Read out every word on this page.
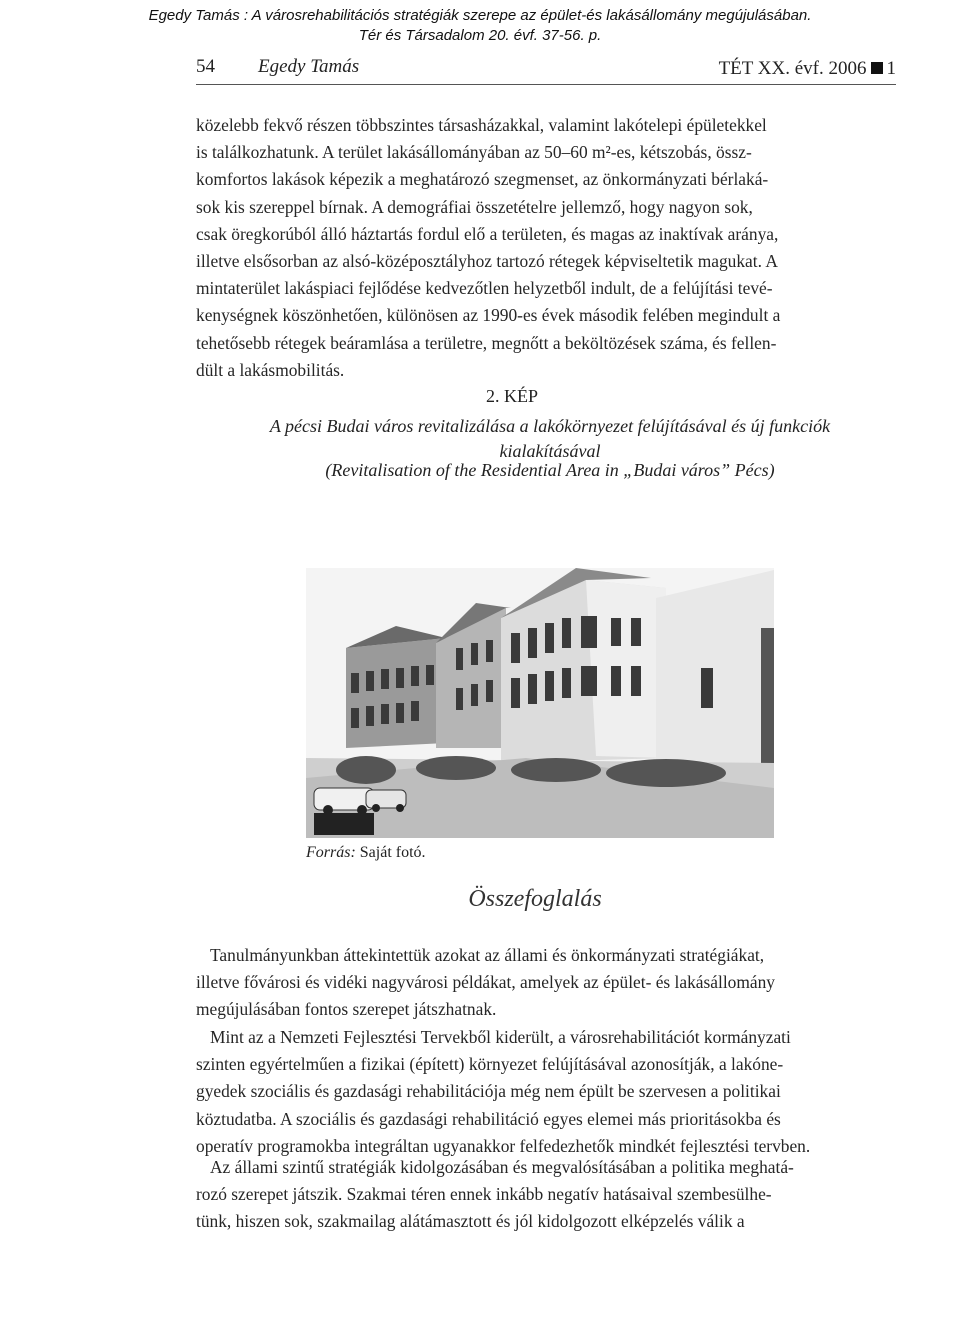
Egedy Tamás : A városrehabilitációs stratégiák szerepe az épület-és lakásállomány megújulásában.
Tér és Társadalom 20. évf. 37-56. p.
54 Egedy Tamás	TÉT XX. évf. 2006 1
közelebb fekvő részen többszintes társasházakkal, valamint lakótelepi épületekkel
is találkozhatunk. A terület lakásállományában az 50–60 m²-es, kétszobás, össz-
komfortos lakások képezik a meghatározó szegmenset, az önkormányzati bérlaká-
sok kis szereppel bírnak. A demográfiai összetételre jellemző, hogy nagyon sok,
csak öregkorúból álló háztartás fordul elő a területen, és magas az inaktívak aránya,
illetve elsősorban az alsó-középosztályhoz tartozó rétegek képviseltetik magukat. A
mintaterület lakáspiaci fejlődése kedvezőtlen helyzetből indult, de a felújítási tevé-
kenységnek köszönhetően, különösen az 1990-es évek második felében megindult a
tehetősebb rétegek beáramlása a területre, megnőtt a beköltözések száma, és fellen-
dült a lakásmobilitás.
2. KÉP
A pécsi Budai város revitalizálása a lakókörnyezet felújításával és új funkciók
kialakításával
(Revitalisation of the Residential Area in „Budai város” Pécs)
Forrás: Saját fotó.
Összefoglalás
Tanulmányunkban áttekintettük azokat az állami és önkormányzati stratégiákat,
illetve fővárosi és vidéki nagyvárosi példákat, amelyek az épület- és lakásállomány
megújulásában fontos szerepet játszhatnak.
Mint az a Nemzeti Fejlesztési Tervekből kiderült, a városrehabilitációt kormányzati
szinten egyértelműen a fizikai (épített) környezet felújításával azonosítják, a lakóne-
gyedek szociális és gazdasági rehabilitációja még nem épült be szervesen a politikai
köztudatba. A szociális és gazdasági rehabilitáció egyes elemei más prioritásokba és
operatív programokba integráltan ugyanakkor felfedezhetők mindkét fejlesztési tervben.
Az állami szintű stratégiák kidolgozásában és megvalósításában a politika meghatá-
rozó szerepet játszik. Szakmai téren ennek inkább negatív hatásaival szembesülhe-
tünk, hiszen sok, szakmailag alátámasztott és jól kidolgozott elképzelés válik a
